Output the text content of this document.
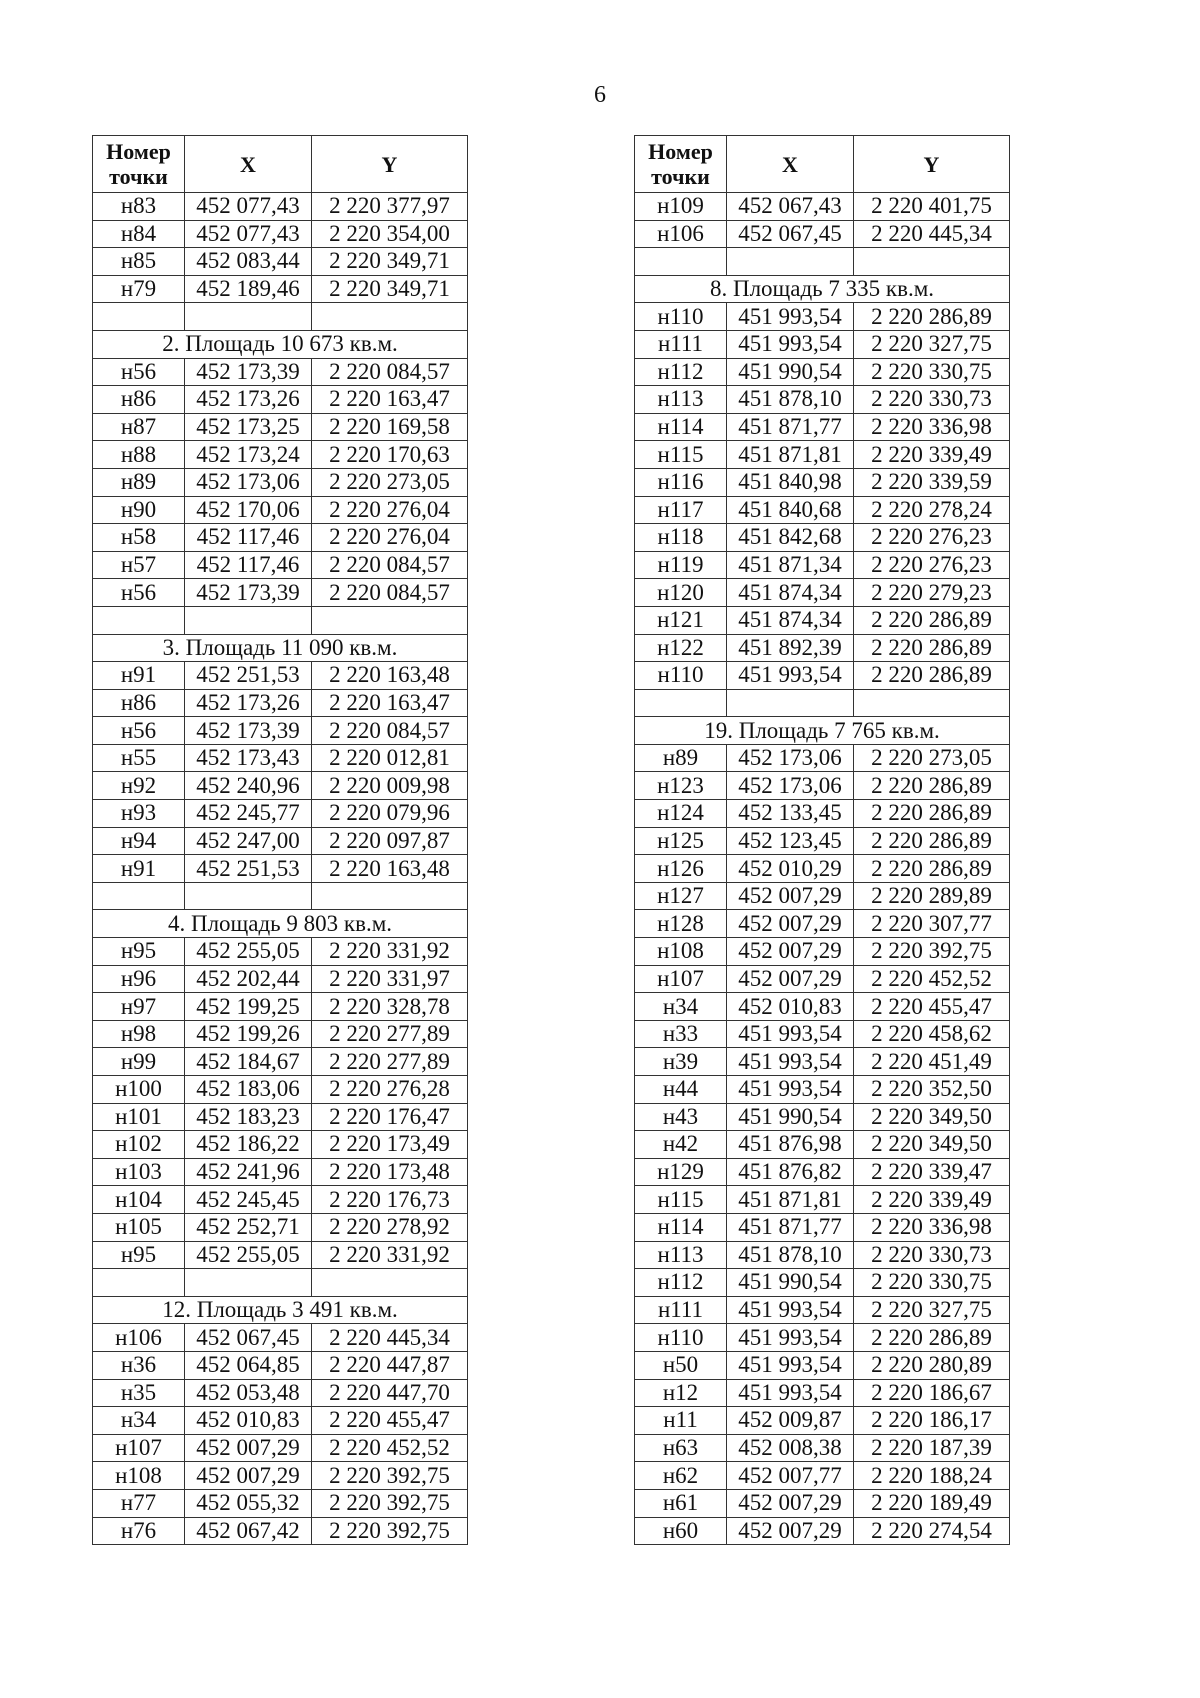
6
Номер
точки	X	Y
н83	452 077,43	2 220 377,97
н84	452 077,43	2 220 354,00
н85	452 083,44	2 220 349,71
н79	452 189,46	2 220 349,71

2. Площадь 10 673 кв.м.		
н56	452 173,39	2 220 084,57
н86	452 173,26	2 220 163,47
н87	452 173,25	2 220 169,58
н88	452 173,24	2 220 170,63
н89	452 173,06	2 220 273,05
н90	452 170,06	2 220 276,04
н58	452 117,46	2 220 276,04
н57	452 117,46	2 220 084,57
н56	452 173,39	2 220 084,57

3. Площадь 11 090 кв.м.		
н91	452 251,53	2 220 163,48
н86	452 173,26	2 220 163,47
н56	452 173,39	2 220 084,57
н55	452 173,43	2 220 012,81
н92	452 240,96	2 220 009,98
н93	452 245,77	2 220 079,96
н94	452 247,00	2 220 097,87
н91	452 251,53	2 220 163,48

4. Площадь 9 803 кв.м.		
н95	452 255,05	2 220 331,92
н96	452 202,44	2 220 331,97
н97	452 199,25	2 220 328,78
н98	452 199,26	2 220 277,89
н99	452 184,67	2 220 277,89
н100	452 183,06	2 220 276,28
н101	452 183,23	2 220 176,47
н102	452 186,22	2 220 173,49
н103	452 241,96	2 220 173,48
н104	452 245,45	2 220 176,73
н105	452 252,71	2 220 278,92
н95	452 255,05	2 220 331,92

12. Площадь 3 491 кв.м.		
н106	452 067,45	2 220 445,34
н36	452 064,85	2 220 447,87
н35	452 053,48	2 220 447,70
н34	452 010,83	2 220 455,47
н107	452 007,29	2 220 452,52
н108	452 007,29	2 220 392,75
н77	452 055,32	2 220 392,75
н76	452 067,42	2 220 392,75
Номер
точки	X	Y
н109	452 067,43	2 220 401,75
н106	452 067,45	2 220 445,34

8. Площадь 7 335 кв.м.		
н110	451 993,54	2 220 286,89
н111	451 993,54	2 220 327,75
н112	451 990,54	2 220 330,75
н113	451 878,10	2 220 330,73
н114	451 871,77	2 220 336,98
н115	451 871,81	2 220 339,49
н116	451 840,98	2 220 339,59
н117	451 840,68	2 220 278,24
н118	451 842,68	2 220 276,23
н119	451 871,34	2 220 276,23
н120	451 874,34	2 220 279,23
н121	451 874,34	2 220 286,89
н122	451 892,39	2 220 286,89
н110	451 993,54	2 220 286,89

19. Площадь 7 765 кв.м.		
н89	452 173,06	2 220 273,05
н123	452 173,06	2 220 286,89
н124	452 133,45	2 220 286,89
н125	452 123,45	2 220 286,89
н126	452 010,29	2 220 286,89
н127	452 007,29	2 220 289,89
н128	452 007,29	2 220 307,77
н108	452 007,29	2 220 392,75
н107	452 007,29	2 220 452,52
н34	452 010,83	2 220 455,47
н33	451 993,54	2 220 458,62
н39	451 993,54	2 220 451,49
н44	451 993,54	2 220 352,50
н43	451 990,54	2 220 349,50
н42	451 876,98	2 220 349,50
н129	451 876,82	2 220 339,47
н115	451 871,81	2 220 339,49
н114	451 871,77	2 220 336,98
н113	451 878,10	2 220 330,73
н112	451 990,54	2 220 330,75
н111	451 993,54	2 220 327,75
н110	451 993,54	2 220 286,89
н50	451 993,54	2 220 280,89
н12	451 993,54	2 220 186,67
н11	452 009,87	2 220 186,17
н63	452 008,38	2 220 187,39
н62	452 007,77	2 220 188,24
н61	452 007,29	2 220 189,49
н60	452 007,29	2 220 274,54
